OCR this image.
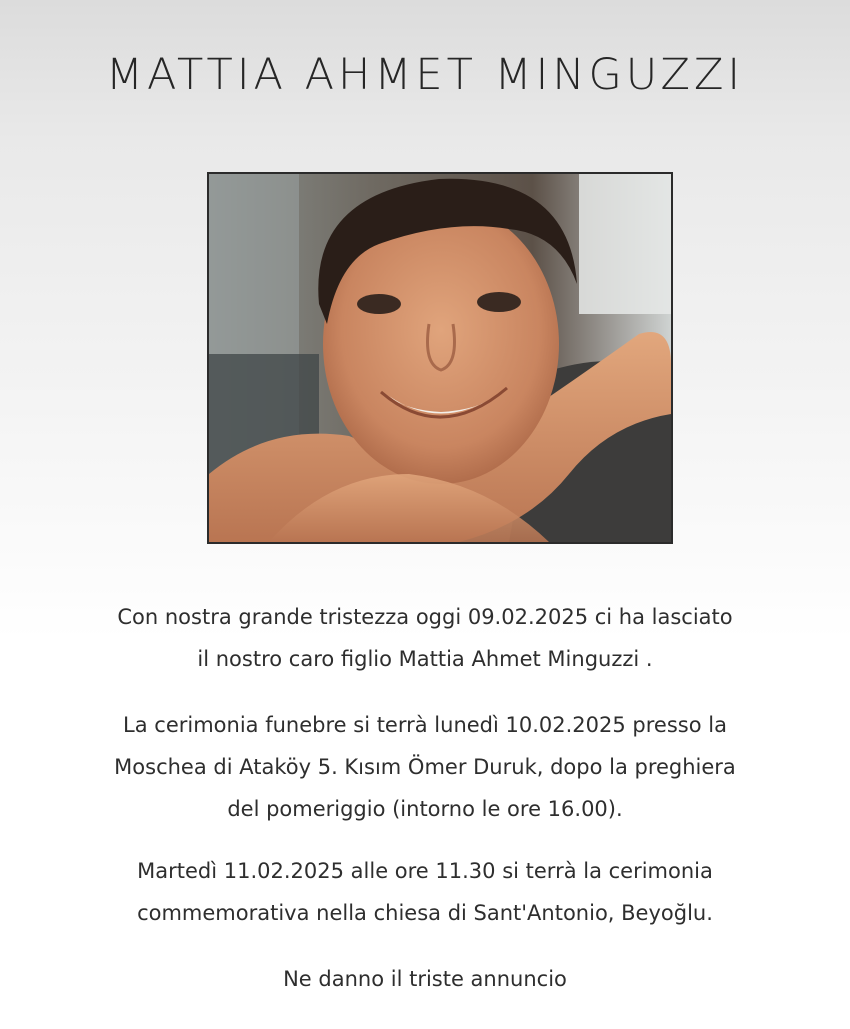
MATTIA AHMET MINGUZZI
Con nostra grande tristezza oggi 09.02.2025 ci ha lasciato
il nostro caro figlio Mattia Ahmet Minguzzi .
La cerimonia funebre si terrà lunedì 10.02.2025 presso la
Moschea di Ataköy 5. Kısım Ömer Duruk, dopo la preghiera
del pomeriggio (intorno le ore 16.00).
Martedì 11.02.2025 alle ore 11.30 si terrà la cerimonia
commemorativa nella chiesa di Sant'Antonio, Beyoğlu.
Ne danno il triste annuncio
